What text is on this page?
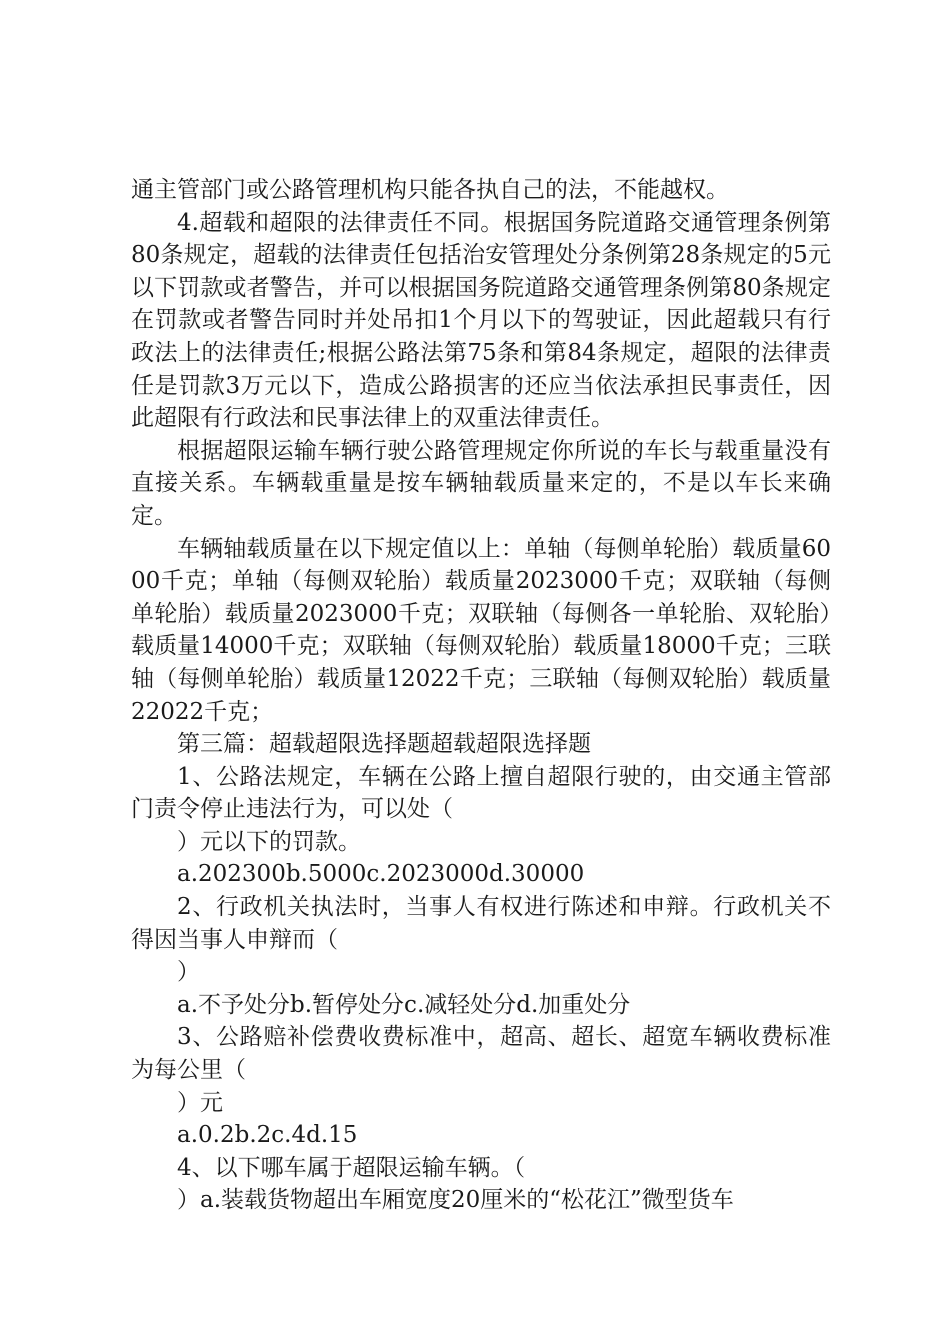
通主管部门或公路管理机构只能各执自己的法，不能越权。

4.超载和超限的法律责任不同。根据国务院道路交通管理条例第80条规定，超载的法律责任包括治安管理处分条例第28条规定的5元以下罚款或者警告，并可以根据国务院道路交通管理条例第80条规定在罚款或者警告同时并处吊扣1个月以下的驾驶证，因此超载只有行政法上的法律责任;根据公路法第75条和第84条规定，超限的法律责任是罚款3万元以下，造成公路损害的还应当依法承担民事责任，因此超限有行政法和民事法律上的双重法律责任。

根据超限运输车辆行驶公路管理规定你所说的车长与载重量没有直接关系。车辆载重量是按车辆轴载质量来定的，不是以车长来确定。

车辆轴载质量在以下规定值以上：单轴（每侧单轮胎）载质量6000千克；单轴（每侧双轮胎）载质量2023000千克；双联轴（每侧单轮胎）载质量2023000千克；双联轴（每侧各一单轮胎、双轮胎）载质量14000千克；双联轴（每侧双轮胎）载质量18000千克；三联轴（每侧单轮胎）载质量12022千克；三联轴（每侧双轮胎）载质量22022千克；

第三篇：超载超限选择题超载超限选择题

1、公路法规定，车辆在公路上擅自超限行驶的，由交通主管部门责令停止违法行为，可以处（

）元以下的罚款。

a.202300b.5000c.2023000d.30000

2、行政机关执法时，当事人有权进行陈述和申辩。行政机关不得因当事人申辩而（

）

a.不予处分b.暂停处分c.减轻处分d.加重处分

3、公路赔补偿费收费标准中，超高、超长、超宽车辆收费标准为每公里（

）元

a.0.2b.2c.4d.15

4、以下哪车属于超限运输车辆。（

）a.装载货物超出车厢宽度20厘米的“松花江”微型货车
